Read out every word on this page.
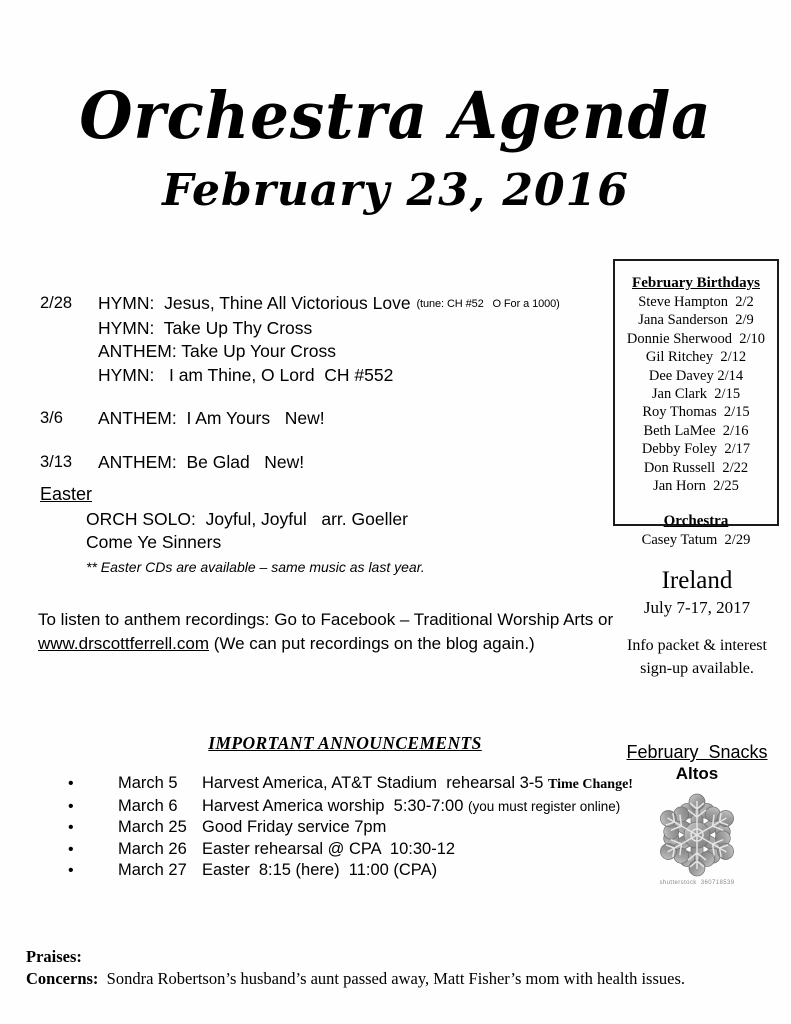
Orchestra Agenda
February 23, 2016
2/28	HYMN:  Jesus, Thine All Victorious Love  (tune: CH #52   O For a 1000)
HYMN:  Take Up Thy Cross
ANTHEM: Take Up Your Cross
HYMN:   I am Thine, O Lord  CH #552
3/6	ANTHEM:  I Am Yours   New!
3/13	ANTHEM:  Be Glad   New!
Easter
ORCH SOLO:  Joyful, Joyful   arr. Goeller
Come Ye Sinners
** Easter CDs are available – same music as last year.
To listen to anthem recordings: Go to Facebook – Traditional Worship Arts or
www.drscottferrell.com (We can put recordings on the blog again.)
February Birthdays
Steve Hampton  2/2
Jana Sanderson  2/9
Donnie Sherwood  2/10
Gil Ritchey  2/12
Dee Davey 2/14
Jan Clark  2/15
Roy Thomas  2/15
Beth LaMee  2/16
Debby Foley  2/17
Don Russell  2/22
Jan Horn  2/25
Orchestra
Casey Tatum  2/29
Ireland
July 7-17, 2017
Info packet & interest
sign-up available.
IMPORTANT ANNOUNCEMENTS
• March 5 Harvest America, AT&T Stadium  rehearsal 3-5 Time Change!
• March 6 Harvest America worship  5:30-7:00 (you must register online)
• March 25 Good Friday service 7pm
• March 26 Easter rehearsal @ CPA  10:30-12
• March 27 Easter  8:15 (here)  11:00 (CPA)
February  Snacks
Altos
shutterstock  360718539
Praises:
Concerns: Sondra Robertson’s husband’s aunt passed away, Matt Fisher’s mom with health issues.
